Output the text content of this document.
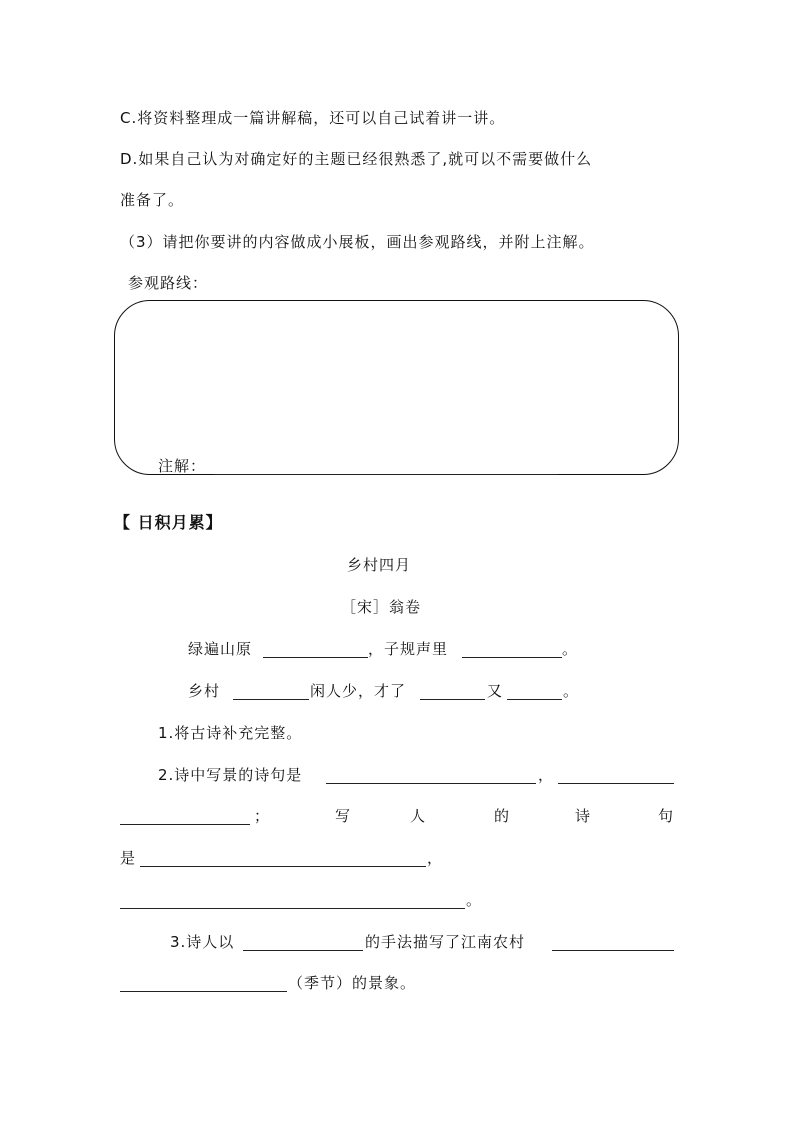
C.将资料整理成一篇讲解稿，还可以自己试着讲一讲。
D.如果自己认为对确定好的主题已经很熟悉了,就可以不需要做什么
准备了。
（3）请把你要讲的内容做成小展板，画出参观路线，并附上注解。
参观路线：
注解：
【 日积月累】
乡村四月
［宋］翁卷
绿遍山原	，子规声里	。
乡村	闲人少，才了	又	。
1.将古诗补充完整。
2.诗中写景的诗句是	，
；	写	人	的	诗	句
是	，
。
3.诗人以	的手法描写了江南农村
（季节）的景象。
